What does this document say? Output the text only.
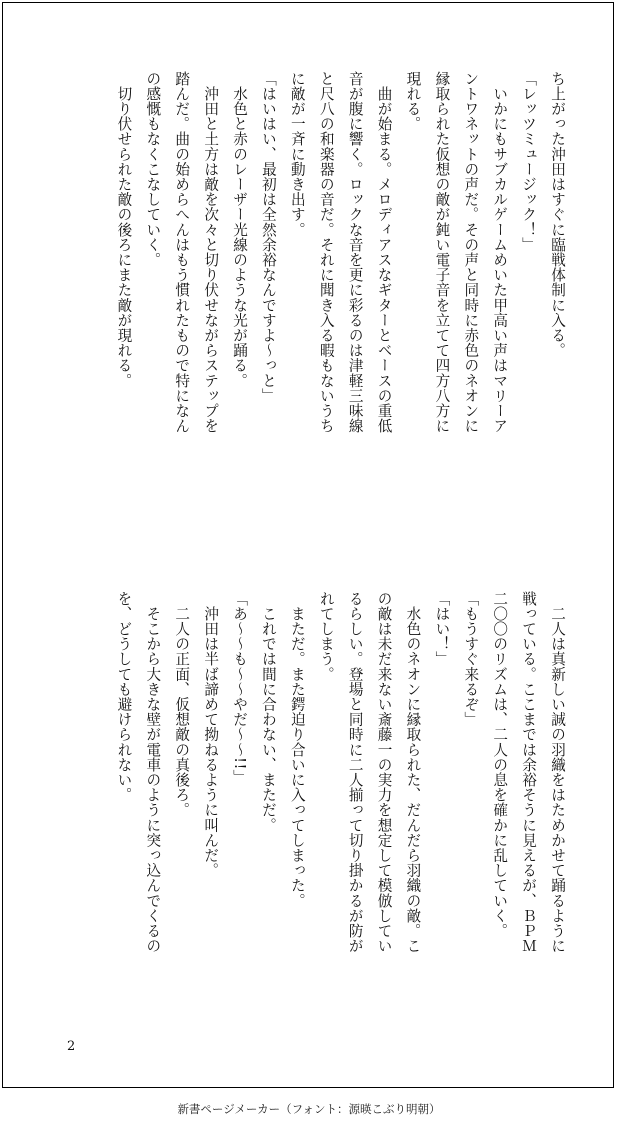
ち上がった沖田はすぐに臨戦体制に入る。
「レッツミュージック！」
　いかにもサブカルゲームめいた甲高い声はマリーア
ントワネットの声だ。その声と同時に赤色のネオンに
縁取られた仮想の敵が鈍い電子音を立てて四方八方に
現れる。
　曲が始まる。メロディアスなギターとベースの重低
音が腹に響く。ロックな音を更に彩るのは津軽三味線
と尺八の和楽器の音だ。それに聞き入る暇もないうち
に敵が一斉に動き出す。
「はいはい、最初は全然余裕なんですよ〜っと」
　水色と赤のレーザー光線のような光が踊る。
　沖田と土方は敵を次々と切り伏せながらステップを
踏んだ。曲の始めらへんはもう慣れたもので特になん
の感慨もなくこなしていく。
　切り伏せられた敵の後ろにまた敵が現れる。
　二人は真新しい誠の羽織をはためかせて踊るように
戦っている。ここまでは余裕そうに見えるが、ＢＰＭ
二〇〇のリズムは、二人の息を確かに乱していく。
「もうすぐ来るぞ」
「はい！」
　水色のネオンに縁取られた、だんだら羽織の敵。こ
の敵は未だ来ない斎藤一の実力を想定して模倣してい
るらしい。登場と同時に二人揃って切り掛かるが防が
れてしまう。
　まただ。また鍔迫り合いに入ってしまった。
　これでは間に合わない、まただ。
「あ〜〜も〜〜やだ〜〜!!」
　沖田は半ば諦めて拗ねるように叫んだ。
　二人の正面、仮想敵の真後ろ。
　そこから大きな壁が電車のように突っ込んでくるの
を、どうしても避けられない。
2
新書ページメーカー（フォント：源暎こぶり明朝）
